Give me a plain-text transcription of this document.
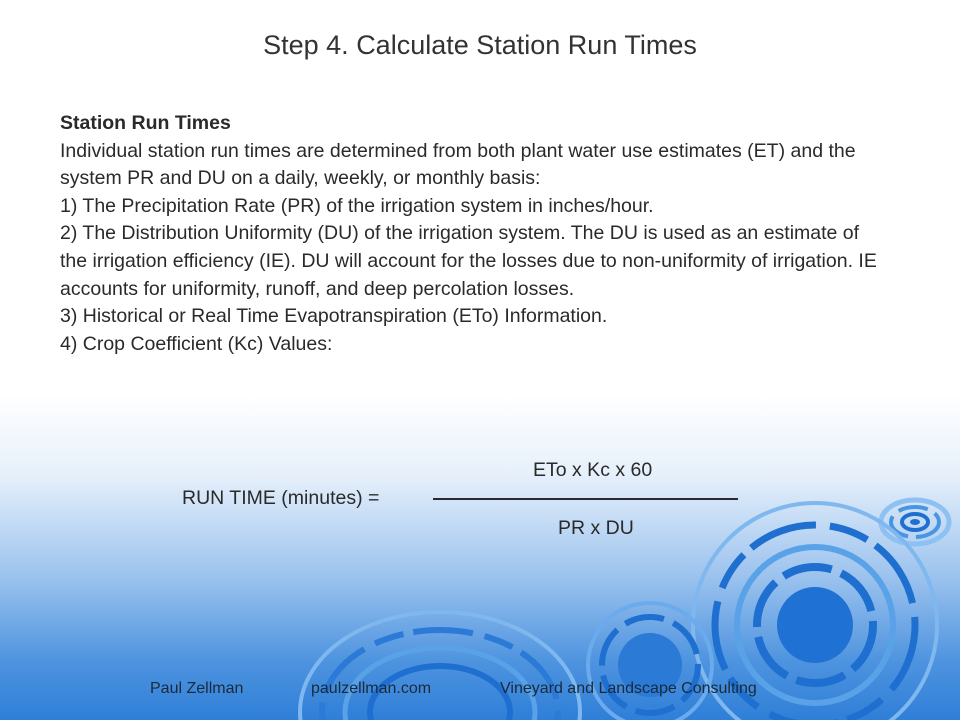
Step 4. Calculate Station Run Times
Station Run Times
Individual station run times are determined from both plant water use estimates (ET) and the system PR and DU on a daily, weekly, or monthly basis:
1) The Precipitation Rate (PR) of the irrigation system in inches/hour.
2) The Distribution Uniformity (DU) of the irrigation system. The DU is used as an estimate of the irrigation efficiency (IE). DU will account for the losses due to non-uniformity of irrigation. IE accounts for uniformity, runoff, and deep percolation losses.
3) Historical or Real Time Evapotranspiration (ETo) Information.
4) Crop Coefficient (Kc) Values:
ETo x Kc x 60
RUN TIME (minutes) =
PR x DU
Paul Zellman	paulzellman.com	Vineyard and Landscape Consulting
